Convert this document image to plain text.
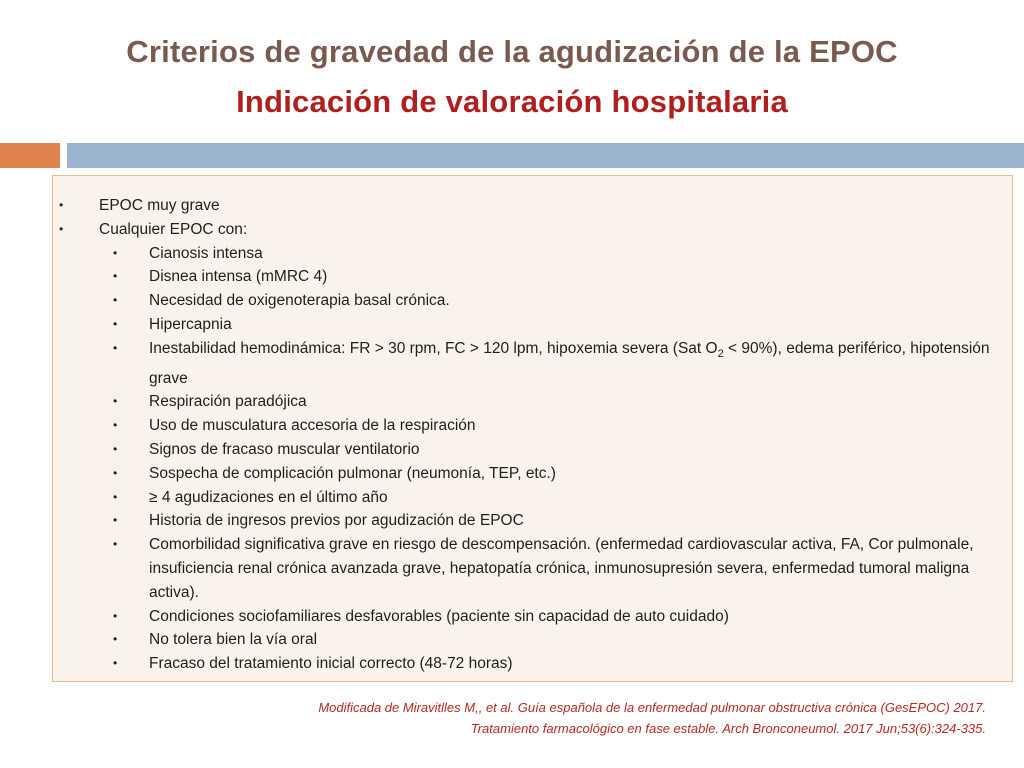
Criterios de gravedad de la agudización de la EPOC
Indicación de valoración hospitalaria
• EPOC muy grave
• Cualquier EPOC con:
• Cianosis intensa
• Disnea intensa (mMRC 4)
• Necesidad de oxigenoterapia basal crónica.
• Hipercapnia
• Inestabilidad hemodinámica: FR > 30 rpm, FC > 120 lpm, hipoxemia severa (Sat $O_2 < 90\%$), edema periférico, hipotensión grave
• Respiración paradójica
• Uso de musculatura accesoria de la respiración
• Signos de fracaso muscular ventilatorio
• Sospecha de complicación pulmonar (neumonía, TEP, etc.)
• ≥ 4 agudizaciones en el último año
• Historia de ingresos previos por agudización de EPOC
• Comorbilidad significativa grave en riesgo de descompensación. (enfermedad cardiovascular activa, FA, Cor pulmonale, insuficiencia renal crónica avanzada grave, hepatopatía crónica, inmunosupresión severa, enfermedad tumoral maligna activa).
• Condiciones sociofamiliares desfavorables (paciente sin capacidad de auto cuidado)
• No tolera bien la vía oral
• Fracaso del tratamiento inicial correcto (48-72 horas)
Modificada de Miravitlles M,, et al. Guía española de la enfermedad pulmonar obstructiva crónica (GesEPOC) 2017.
Tratamiento farmacológico en fase estable. Arch Bronconeumol. 2017 Jun;53(6):324-335.
